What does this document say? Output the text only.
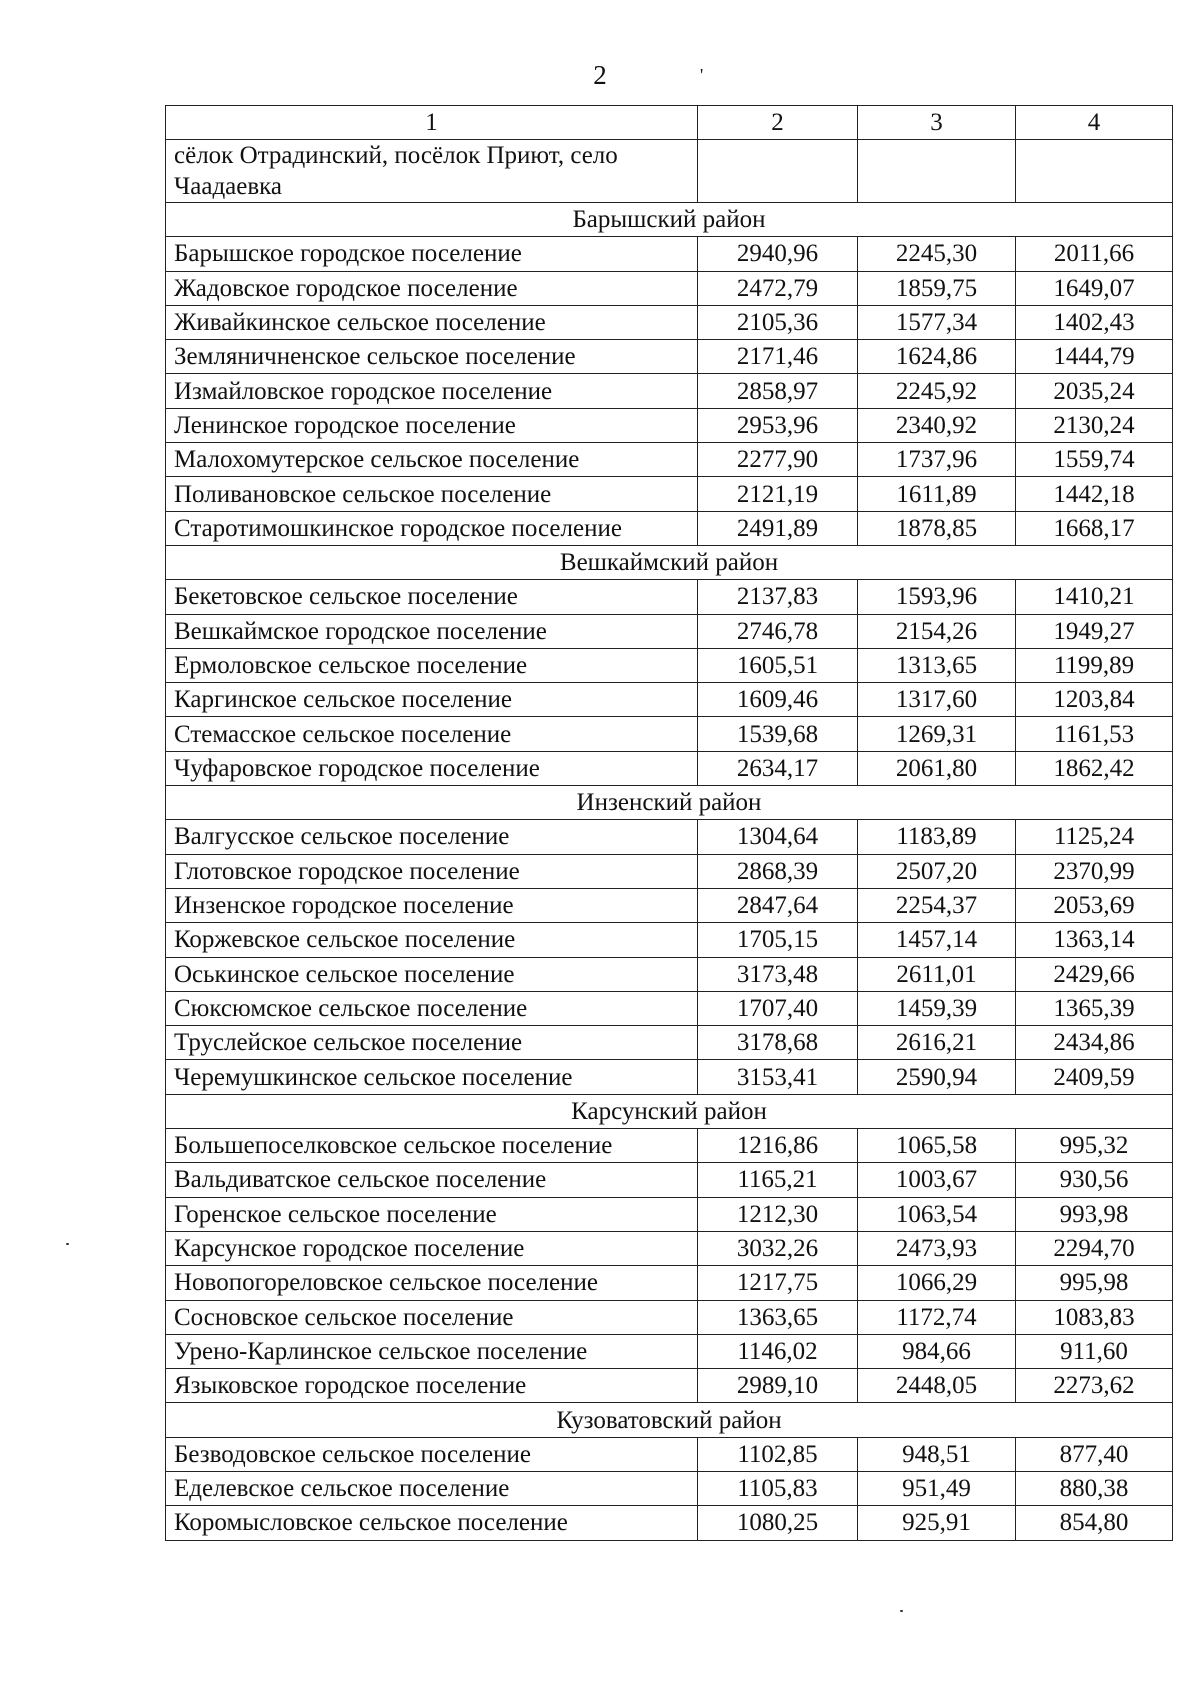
2	'
1	2	3	4
сёлок Отрадинский, посёлок Приют, село Чаадаевка			
Барышский район			
Барышское городское поселение	2940,96	2245,30	2011,66
Жадовское городское поселение	2472,79	1859,75	1649,07
Живайкинское сельское поселение	2105,36	1577,34	1402,43
Земляничненское сельское поселение	2171,46	1624,86	1444,79
Измайловское городское поселение	2858,97	2245,92	2035,24
Ленинское городское поселение	2953,96	2340,92	2130,24
Малохомутерское сельское поселение	2277,90	1737,96	1559,74
Поливановское сельское поселение	2121,19	1611,89	1442,18
Старотимошкинское городское поселение	2491,89	1878,85	1668,17
Вешкаймский район			
Бекетовское сельское поселение	2137,83	1593,96	1410,21
Вешкаймское городское поселение	2746,78	2154,26	1949,27
Ермоловское сельское поселение	1605,51	1313,65	1199,89
Каргинское сельское поселение	1609,46	1317,60	1203,84
Стемасское сельское поселение	1539,68	1269,31	1161,53
Чуфаровское городское поселение	2634,17	2061,80	1862,42
Инзенский район			
Валгусское сельское поселение	1304,64	1183,89	1125,24
Глотовское городское поселение	2868,39	2507,20	2370,99
Инзенское городское поселение	2847,64	2254,37	2053,69
Коржевское сельское поселение	1705,15	1457,14	1363,14
Оськинское сельское поселение	3173,48	2611,01	2429,66
Сюксюмское сельское поселение	1707,40	1459,39	1365,39
Труслейское сельское поселение	3178,68	2616,21	2434,86
Черемушкинское сельское поселение	3153,41	2590,94	2409,59
Карсунский район			
Большепоселковское сельское поселение	1216,86	1065,58	995,32
Вальдиватское сельское поселение	1165,21	1003,67	930,56
Горенское сельское поселение	1212,30	1063,54	993,98
Карсунское городское поселение	3032,26	2473,93	2294,70
Новопогореловское сельское поселение	1217,75	1066,29	995,98
Сосновское сельское поселение	1363,65	1172,74	1083,83
Урено-Карлинское сельское поселение	1146,02	984,66	911,60
Языковское городское поселение	2989,10	2448,05	2273,62
Кузоватовский район			
Безводовское сельское поселение	1102,85	948,51	877,40
Еделевское сельское поселение	1105,83	951,49	880,38
Коромысловское сельское поселение	1080,25	925,91	854,80
